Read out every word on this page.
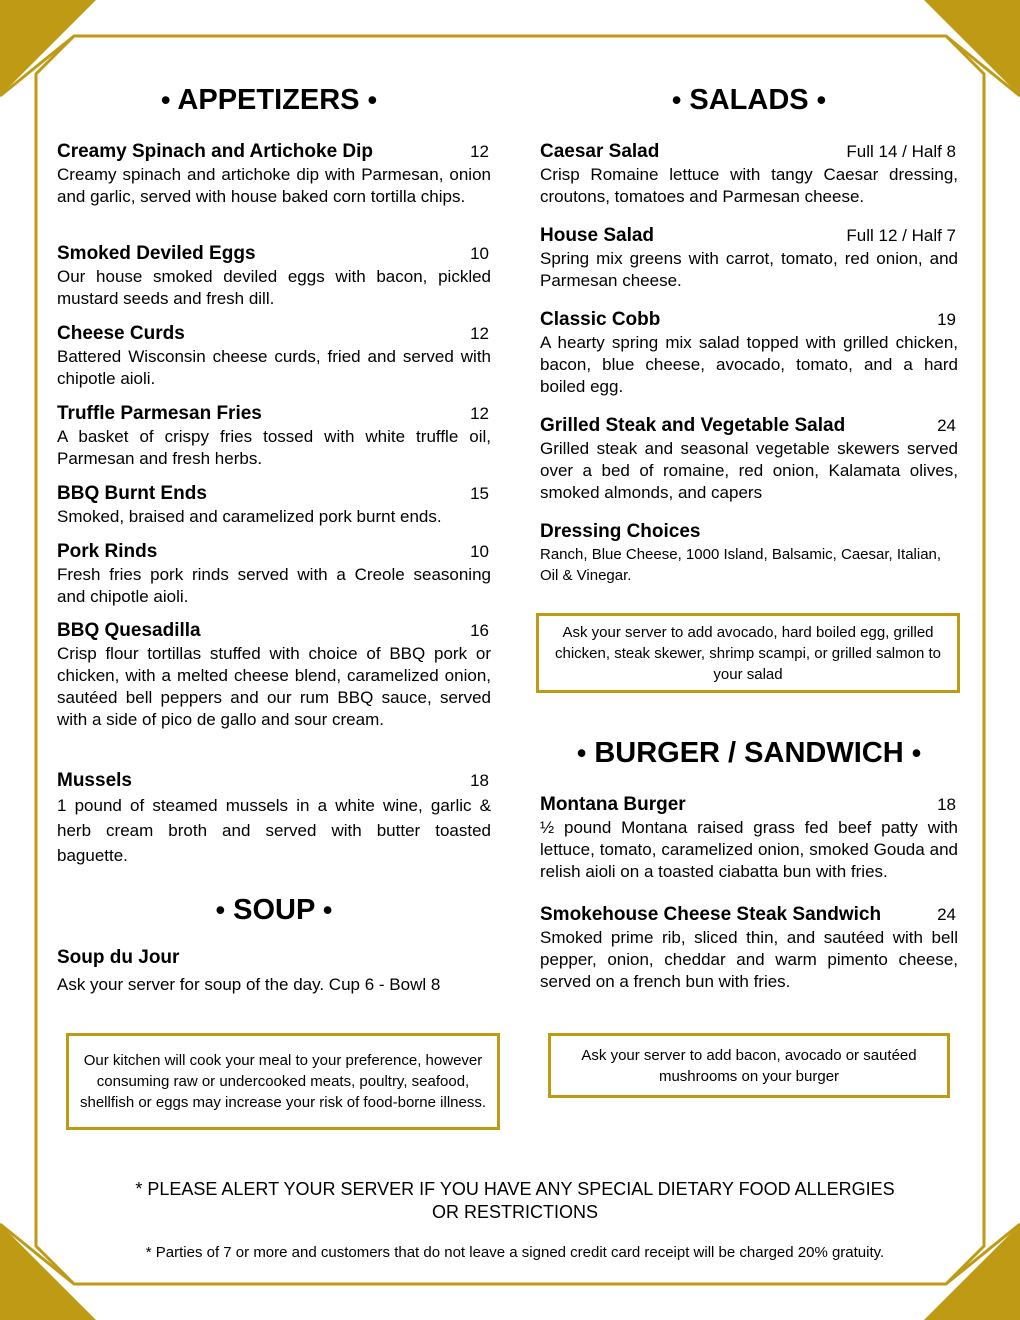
• APPETIZERS •
Creamy Spinach and Artichoke Dip	12
Creamy spinach and artichoke dip with Parmesan, onion and garlic, served with house baked corn tortilla chips.
Smoked Deviled Eggs	10
Our house smoked deviled eggs with bacon, pickled mustard seeds and fresh dill.
Cheese Curds	12
Battered Wisconsin cheese curds, fried and served with chipotle aioli.
Truffle Parmesan Fries	12
A basket of crispy fries tossed with white truffle oil, Parmesan and fresh herbs.
BBQ Burnt Ends	15
Smoked, braised and caramelized pork burnt ends.
Pork Rinds	10
Fresh fries pork rinds served with a Creole seasoning and chipotle aioli.
BBQ Quesadilla	16
Crisp flour tortillas stuffed with choice of BBQ pork or chicken, with a melted cheese blend, caramelized onion, sautéed bell peppers and our rum BBQ sauce, served with a side of pico de gallo and sour cream.
Mussels	18
1 pound of steamed mussels in a white wine, garlic & herb cream broth and served with butter toasted baguette.
• SOUP •
Soup du Jour
Ask your server for soup of the day. Cup 6 - Bowl 8
Our kitchen will cook your meal to your preference, however consuming raw or undercooked meats, poultry, seafood, shellfish or eggs may increase your risk of food-borne illness.
• SALADS •
Caesar Salad	Full 14 / Half 8
Crisp Romaine lettuce with tangy Caesar dressing, croutons, tomatoes and Parmesan cheese.
House Salad	Full 12 / Half 7
Spring mix greens with carrot, tomato, red onion, and Parmesan cheese.
Classic Cobb	19
A hearty spring mix salad topped with grilled chicken, bacon, blue cheese, avocado, tomato, and a hard boiled egg.
Grilled Steak and Vegetable Salad	24
Grilled steak and seasonal vegetable skewers served over a bed of romaine, red onion, Kalamata olives, smoked almonds, and capers
Dressing Choices
Ranch, Blue Cheese, 1000 Island, Balsamic, Caesar, Italian, Oil & Vinegar.
Ask your server to add avocado, hard boiled egg, grilled chicken, steak skewer, shrimp scampi, or grilled salmon to your salad
• BURGER / SANDWICH •
Montana Burger	18
½ pound Montana raised grass fed beef patty with lettuce, tomato, caramelized onion, smoked Gouda and relish aioli on a toasted ciabatta bun with fries.
Smokehouse Cheese Steak Sandwich	24
Smoked prime rib, sliced thin, and sautéed with bell pepper, onion, cheddar and warm pimento cheese, served on a french bun with fries.
Ask your server to add bacon, avocado or sautéed mushrooms on your burger
* PLEASE ALERT YOUR SERVER IF YOU HAVE ANY SPECIAL DIETARY FOOD ALLERGIES OR RESTRICTIONS
* Parties of 7 or more and customers that do not leave a signed credit card receipt will be charged 20% gratuity.
